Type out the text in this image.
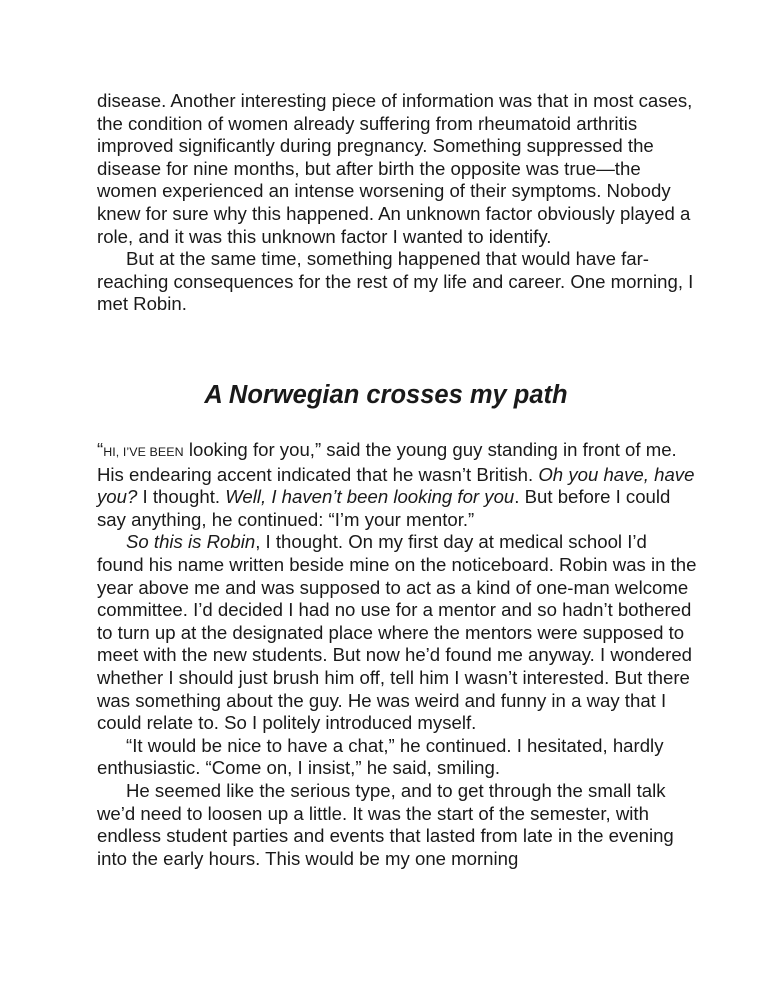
disease. Another interesting piece of information was that in most cases, the condition of women already suffering from rheumatoid arthritis improved significantly during pregnancy. Something suppressed the disease for nine months, but after birth the opposite was true—the women experienced an intense worsening of their symptoms. Nobody knew for sure why this happened. An unknown factor obviously played a role, and it was this unknown factor I wanted to identify.

But at the same time, something happened that would have far-reaching consequences for the rest of my life and career. One morning, I met Robin.

A Norwegian crosses my path

“HI, I’VE BEEN looking for you,” said the young guy standing in front of me. His endearing accent indicated that he wasn’t British. Oh you have, have you? I thought. Well, I haven’t been looking for you. But before I could say anything, he continued: “I’m your mentor.”

So this is Robin, I thought. On my first day at medical school I’d found his name written beside mine on the noticeboard. Robin was in the year above me and was supposed to act as a kind of one-man welcome committee. I’d decided I had no use for a mentor and so hadn’t bothered to turn up at the designated place where the mentors were supposed to meet with the new students. But now he’d found me anyway. I wondered whether I should just brush him off, tell him I wasn’t interested. But there was something about the guy. He was weird and funny in a way that I could relate to. So I politely introduced myself.

“It would be nice to have a chat,” he continued. I hesitated, hardly enthusiastic. “Come on, I insist,” he said, smiling.

He seemed like the serious type, and to get through the small talk we’d need to loosen up a little. It was the start of the semester, with endless student parties and events that lasted from late in the evening into the early hours. This would be my one morning
